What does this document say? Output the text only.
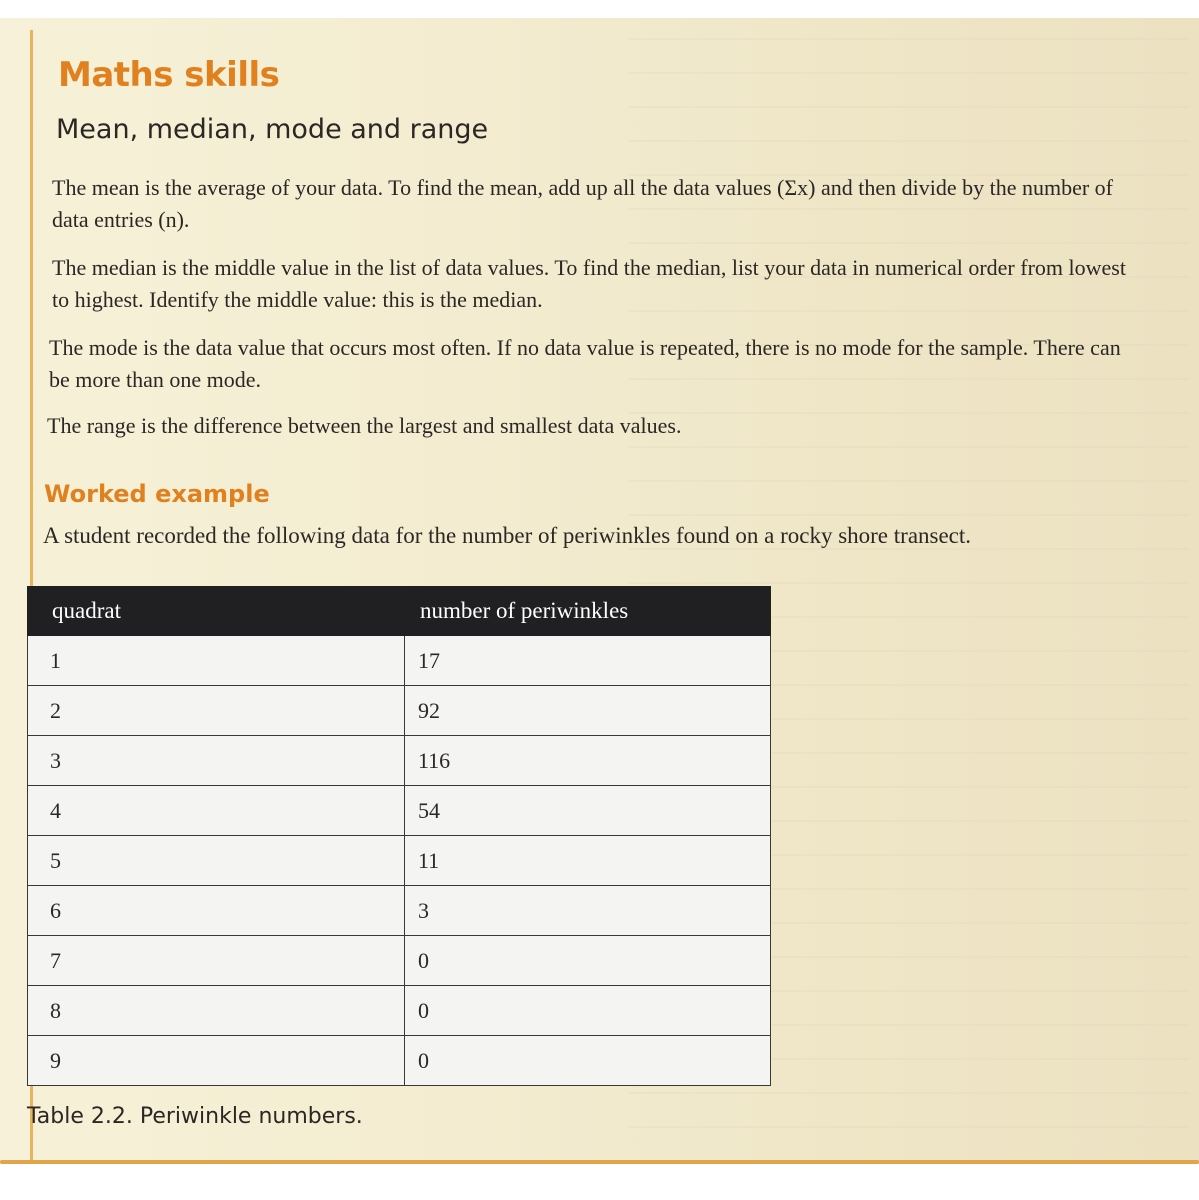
Maths skills
Mean, median, mode and range
The mean is the average of your data. To find the mean, add up all the data values (Σx) and then divide by the number of data entries (n).
The median is the middle value in the list of data values. To find the median, list your data in numerical order from lowest to highest. Identify the middle value: this is the median.
The mode is the data value that occurs most often. If no data value is repeated, there is no mode for the sample. There can be more than one mode.
The range is the difference between the largest and smallest data values.
Worked example
A student recorded the following data for the number of periwinkles found on a rocky shore transect.
quadrat	number of periwinkles
1	17
2	92
3	116
4	54
5	11
6	3
7	0
8	0
9	0
Table 2.2. Periwinkle numbers.
